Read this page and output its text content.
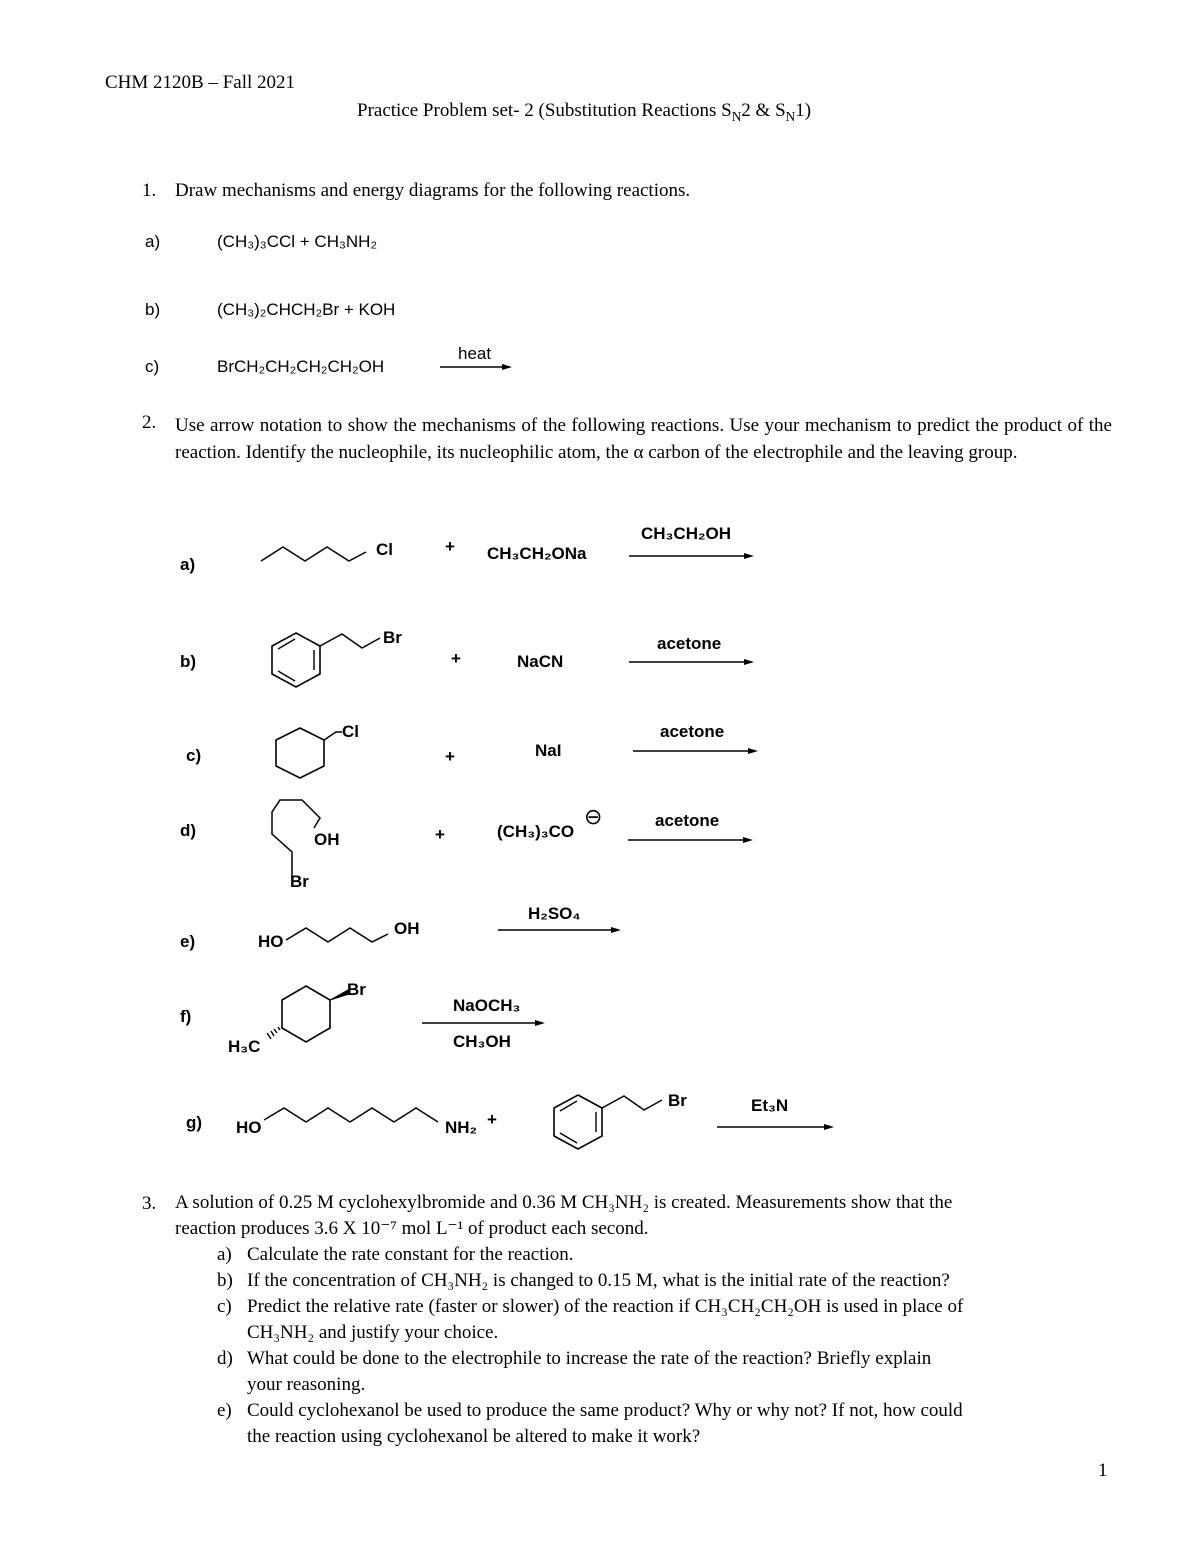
CHM 2120B – Fall 2021
Practice Problem set- 2 (Substitution Reactions $S_N2$ & $S_N1$)
1. Draw mechanisms and energy diagrams for the following reactions.
a)	(CH₃)₃CCl + CH₃NH₂
b)	(CH₃)₂CHCH₂Br + KOH
c)	BrCH₂CH₂CH₂CH₂OH
heat
2. Use arrow notation to show the mechanisms of the following reactions. Use your mechanism to predict the product of the reaction. Identify the nucleophile, its nucleophilic atom, the α carbon of the electrophile and the leaving group.
a)
Cl	+ CH₃CH₂ONa
CH₃CH₂OH
b)
Br
+	NaCN
acetone
c)
Cl
+	NaI
acetone
d)	OH
Br
+	(CH₃)₃CO
⊖	acetone
e)	HO
OH
H₂SO₄
f)
Br
H₃C
NaOCH₃
CH₃OH
g) HO	NH₂ +
Br	Et₃N
3. A solution of 0.25 M cyclohexylbromide and 0.36 M CH₃NH₂ is created. Measurements show that the
reaction produces 3.6 X 10⁻⁷ mol L⁻¹ of product each second.
a) Calculate the rate constant for the reaction.
b) If the concentration of CH₃NH₂ is changed to 0.15 M, what is the initial rate of the reaction?
c) Predict the relative rate (faster or slower) of the reaction if CH₃CH₂CH₂OH is used in place of
CH₃NH₂ and justify your choice.
d) What could be done to the electrophile to increase the rate of the reaction? Briefly explain
your reasoning.
e) Could cyclohexanol be used to produce the same product? Why or why not? If not, how could
the reaction using cyclohexanol be altered to make it work?
1
